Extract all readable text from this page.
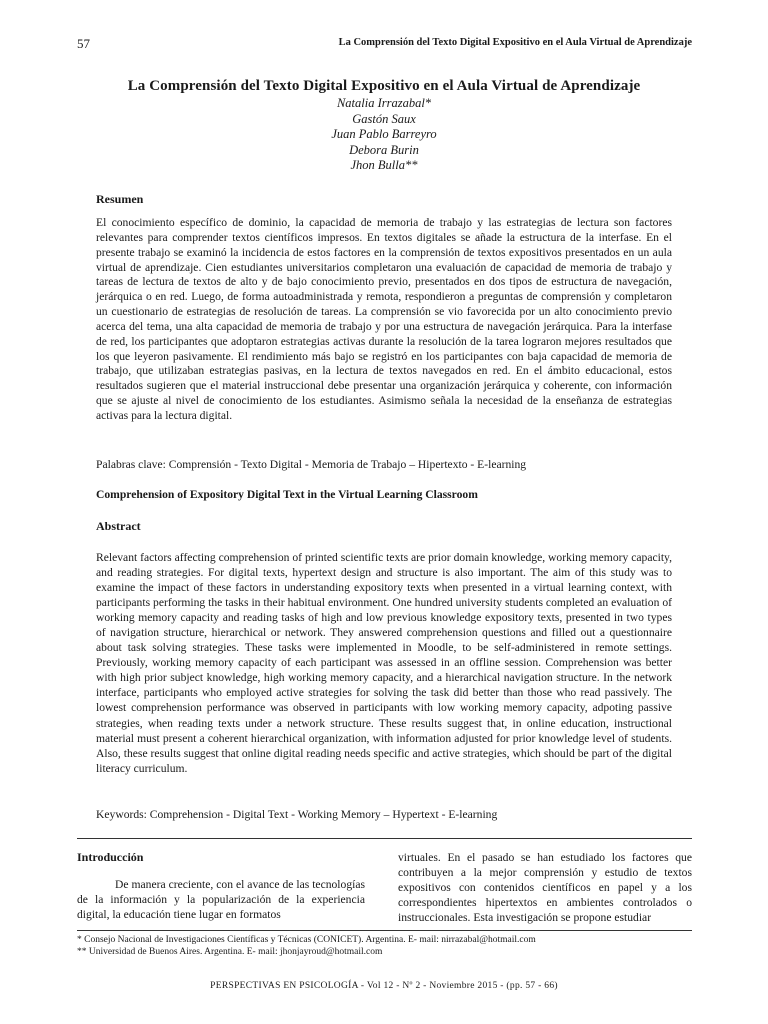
57	La Comprensión del Texto Digital Expositivo en el Aula Virtual de Aprendizaje
La Comprensión del Texto Digital Expositivo en el Aula Virtual de Aprendizaje
Natalia Irrazabal*
Gastón Saux
Juan Pablo Barreyro
Debora Burin
Jhon Bulla**
Resumen
El conocimiento específico de dominio, la capacidad de memoria de trabajo y las estrategias de lectura son factores relevantes para comprender textos científicos impresos. En textos digitales se añade la estructura de la interfase. En el presente trabajo se examinó la incidencia de estos factores en la comprensión de textos expositivos presentados en un aula virtual de aprendizaje. Cien estudiantes universitarios completaron una evaluación de capacidad de memoria de trabajo y tareas de lectura de textos de alto y de bajo conocimiento previo, presentados en dos tipos de estructura de navegación, jerárquica o en red. Luego, de forma autoadministrada y remota, respondieron a preguntas de comprensión y completaron un cuestionario de estrategias de resolución de tareas. La comprensión se vio favorecida por un alto conocimiento previo acerca del tema, una alta capacidad de memoria de trabajo y por una estructura de navegación jerárquica. Para la interfase de red, los participantes que adoptaron estrategias activas durante la resolución de la tarea lograron mejores resultados que los que leyeron pasivamente. El rendimiento más bajo se registró en los participantes con baja capacidad de memoria de trabajo, que utilizaban estrategias pasivas, en la lectura de textos navegados en red. En el ámbito educacional, estos resultados sugieren que el material instruccional debe presentar una organización jerárquica y coherente, con información que se ajuste al nivel de conocimiento de los estudiantes. Asimismo señala la necesidad de la enseñanza de estrategias activas para la lectura digital.
Palabras clave: Comprensión - Texto Digital - Memoria de Trabajo – Hipertexto - E-learning
Comprehension of Expository Digital Text in the Virtual Learning Classroom
Abstract
Relevant factors affecting comprehension of printed scientific texts are prior domain knowledge, working memory capacity, and reading strategies. For digital texts, hypertext design and structure is also important. The aim of this study was to examine the impact of these factors in understanding expository texts when presented in a virtual learning context, with participants performing the tasks in their habitual environment. One hundred university students completed an evaluation of working memory capacity and reading tasks of high and low previous knowledge expository texts, presented in two types of navigation structure, hierarchical or network. They answered comprehension questions and filled out a questionnaire about task solving strategies. These tasks were implemented in Moodle, to be self-administered in remote settings. Previously, working memory capacity of each participant was assessed in an offline session. Comprehension was better with high prior subject knowledge, high working memory capacity, and a hierarchical navigation structure. In the network interface, participants who employed active strategies for solving the task did better than those who read passively. The lowest comprehension performance was observed in participants with low working memory capacity, adpoting passive strategies, when reading texts under a network structure. These results suggest that, in online education, instructional material must present a coherent hierarchical organization, with information adjusted for prior knowledge level of students. Also, these results suggest that online digital reading needs specific and active strategies, which should be part of the digital literacy curriculum.
Keywords: Comprehension - Digital Text - Working Memory – Hypertext - E-learning
Introducción

De manera creciente, con el avance de las tecnologías de la información y la popularización de la experiencia digital, la educación tiene lugar en formatos

virtuales. En el pasado se han estudiado los factores que contribuyen a la mejor comprensión y estudio de textos expositivos con contenidos científicos en papel y a los correspondientes hipertextos en ambientes controlados o instruccionales. Esta investigación se propone estudiar

* Consejo Nacional de Investigaciones Científicas y Técnicas (CONICET). Argentina. E- mail: nirrazabal@hotmail.com
** Universidad de Buenos Aires. Argentina. E- mail: jhonjayroud@hotmail.com
PERSPECTIVAS EN PSICOLOGÍA - Vol 12 - Nº 2 - Noviembre 2015 - (pp. 57 - 66)
